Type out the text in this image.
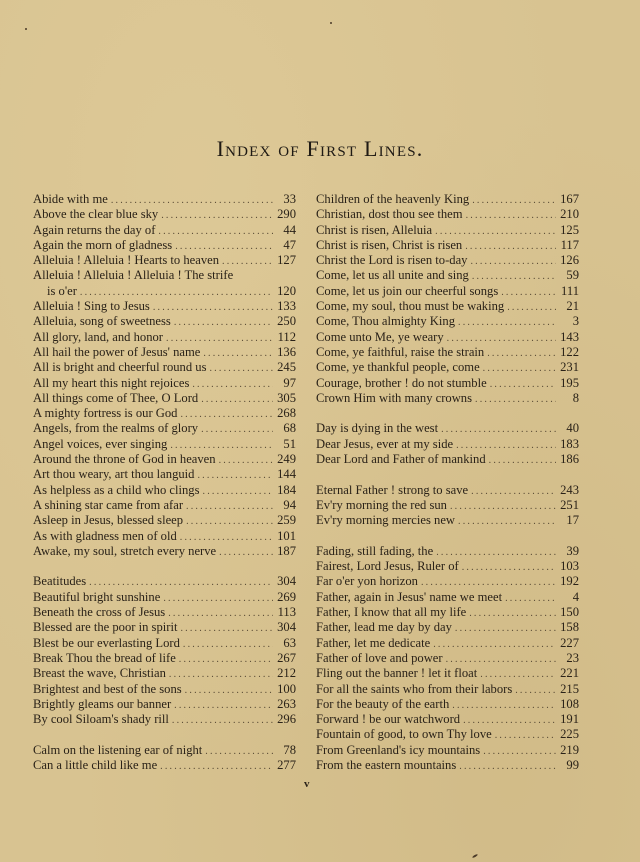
Index of First Lines.
Abide with me .....	33
Above the clear blue sky .....	290
Again returns the day of .....	44
Again the morn of gladness .....	47
Alleluia ! Alleluia ! Hearts to heaven .....	127
Alleluia ! Alleluia ! Alleluia ! The strife
is o'er .....	120
Alleluia ! Sing to Jesus .....	133
Alleluia, song of sweetness .....	250
All glory, land, and honor .....	112
All hail the power of Jesus' name .....	136
All is bright and cheerful round us .....	245
All my heart this night rejoices .....	97
All things come of Thee, O Lord .....	305
A mighty fortress is our God .....	268
Angels, from the realms of glory .....	68
Angel voices, ever singing .....	51
Around the throne of God in heaven .....	249
Art thou weary, art thou languid .....	144
As helpless as a child who clings .....	184
A shining star came from afar .....	94
Asleep in Jesus, blessed sleep .....	259
As with gladness men of old .....	101
Awake, my soul, stretch every nerve .....	187
Beatitudes .....	304
Beautiful bright sunshine .....	269
Beneath the cross of Jesus .....	113
Blessed are the poor in spirit .....	304
Blest be our everlasting Lord .....	63
Break Thou the bread of life .....	267
Breast the wave, Christian .....	212
Brightest and best of the sons .....	100
Brightly gleams our banner .....	263
By cool Siloam's shady rill .....	296
Calm on the listening ear of night .....	78
Can a little child like me .....	277
Children of the heavenly King .....	167
Christian, dost thou see them .....	210
Christ is risen, Alleluia .....	125
Christ is risen, Christ is risen .....	117
Christ the Lord is risen to-day .....	126
Come, let us all unite and sing .....	59
Come, let us join our cheerful songs .....	111
Come, my soul, thou must be waking .....	21
Come, Thou almighty King .....	3
Come unto Me, ye weary .....	143
Come, ye faithful, raise the strain .....	122
Come, ye thankful people, come .....	231
Courage, brother ! do not stumble .....	195
Crown Him with many crowns .....	8
Day is dying in the west .....	40
Dear Jesus, ever at my side .....	183
Dear Lord and Father of mankind .....	186
Eternal Father ! strong to save .....	243
Ev'ry morning the red sun .....	251
Ev'ry morning mercies new .....	17
Fading, still fading, the .....	39
Fairest, Lord Jesus, Ruler of .....	103
Far o'er yon horizon .....	192
Father, again in Jesus' name we meet .....	4
Father, I know that all my life .....	150
Father, lead me day by day .....	158
Father, let me dedicate .....	227
Father of love and power .....	23
Fling out the banner ! let it float .....	221
For all the saints who from their labors .....	215
For the beauty of the earth .....	108
Forward ! be our watchword .....	191
Fountain of good, to own Thy love .....	225
From Greenland's icy mountains .....	219
From the eastern mountains .....	99
v
